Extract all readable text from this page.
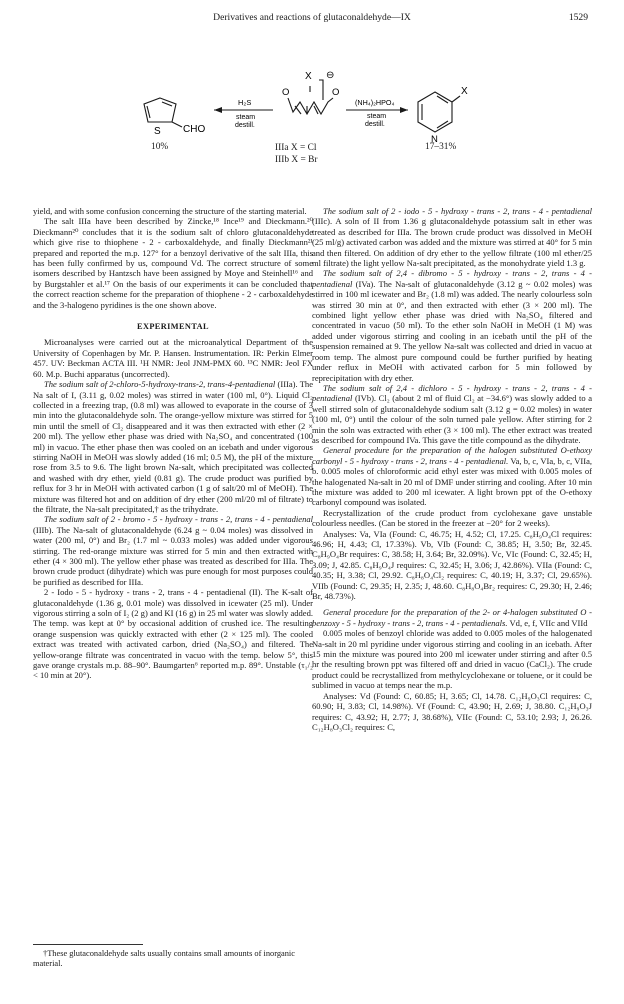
Derivatives and reactions of glutaconaldehyde—IX	1529
S CHO
H₂S
steam
destill.
X ⊖
O	O
(NH₄)₂HPO₄
steam
destill.
X
N
10%	IIIa X = Cl
IIIb X = Br
17–31%

yield, and with some confusion concerning the structure of the starting material.

The salt IIIa have been described by Zincke,¹⁸ Ince¹⁹ and Dieckmann.²⁰ Dieckmann²⁰ concludes that it is the sodium salt of chloro glutaconaldehyde which give rise to thiophene - 2 - carboxaldehyde, and finally Dieckmann²¹ prepared and reported the m.p. 127° for a benzoyl derivative of the salt IIIa, this has been fully confirmed by us, compound Vd. The correct structure of some isomers described by Hantzsch have been assigned by Moye and Steinhell¹⁶ and by Burgstahler et al.¹⁷ On the basis of our experiments it can be concluded that the correct reaction scheme for the preparation of thiophene - 2 - carboxaldehyde and the 3-halogeno pyridines is the one shown above.

EXPERIMENTAL

Microanalyses were carried out at the microanalytical Department of the University of Copenhagen by Mr. P. Hansen. Instrumentation. IR: Perkin Elmer 457. UV: Beckman ACTA III. ¹H NMR: Jeol JNM-PMX 60. ¹³C NMR: Jeol FX 60. M.p. Buchi apparatus (uncorrected).

The sodium salt of 2-chloro-5-hydroxy-trans-2, trans-4-pentadienal (IIIa). The Na salt of I, (3.11 g, 0.02 moles) was stirred in water (100 ml, 0°). Liquid Cl₂ collected in a freezing trap, (0.8 ml) was allowed to evaporate in the course of 3 min into the glutaconaldehyde soln. The orange-yellow mixture was stirred for 5 min until the smell of Cl₂ disappeared and it was then extracted with ether (2 × 200 ml). The yellow ether phase was dried with Na₂SO₄ and concentrated (100 ml) in vacuo. The ether phase then was cooled on an icebath and under vigorous stirring NaOH in MeOH was slowly added (16 ml; 0.5 M), the pH of the mixture rose from 3.5 to 9.6. The light brown Na-salt, which precipitated was collected and washed with dry ether, yield (0.81 g). The crude product was purified by reflux for 3 hr in MeOH with activated carbon (1 g of salt/20 ml of MeOH). The mixture was filtered hot and on addition of dry ether (200 ml/20 ml of filtrate) to the filtrate, the Na-salt precipitated,† as the trihydrate.

The sodium salt of 2 - bromo - 5 - hydroxy - trans - 2, trans - 4 - pentadienal (IIIb). The Na-salt of glutaconaldehyde (6.24 g ~ 0.04 moles) was dissolved in water (200 ml, 0°) and Br₂ (1.7 ml ~ 0.033 moles) was added under vigorous stirring. The red-orange mixture was stirred for 5 min and then extracted with ether (4 × 300 ml). The yellow ether phase was treated as described for IIIa. The brown crude product (dihydrate) which was pure enough for most purposes could be purified as described for IIIa.

2 - Iodo - 5 - hydroxy - trans - 2, trans - 4 - pentadienal (II). The K-salt of glutaconaldehyde (1.36 g, 0.01 mole) was dissolved in icewater (25 ml). Under vigorous stirring a soln of I₂ (2 g) and KI (16 g) in 25 ml water was slowly added. The temp. was kept at 0° by occasional addition of crushed ice. The resulting orange suspension was quickly extracted with ether (2 × 125 ml). The cooled extract was treated with activated carbon, dried (Na₂SO₄) and filtered. The yellow-orange filtrate was concentrated in vacuo with the temp. below 5°, this gave orange crystals m.p. 88–90°. Baumgarten⁶ reported m.p. 89°. Unstable (τ₁/₂ < 10 min at 20°).

†These glutaconaldehyde salts usually contains small amounts of inorganic material.

The sodium salt of 2 - iodo - 5 - hydroxy - trans - 2, trans - 4 - pentadienal (IIIc). A soln of II from 1.36 g glutaconaldehyde potassium salt in ether was treated as described for IIIa. The brown crude product was dissolved in MeOH (25 ml/g) activated carbon was added and the mixture was stirred at 40° for 5 min and then filtered. On addition of dry ether to the yellow filtrate (100 ml ether/25 ml filtrate) the light yellow Na-salt precipitated, as the monohydrate yield 1.3 g.

The sodium salt of 2,4 - dibromo - 5 - hydroxy - trans - 2, trans - 4 - pentadienal (IVa). The Na-salt of glutaconaldehyde (3.12 g ~ 0.02 moles) was stirred in 100 ml icewater and Br₂ (1.8 ml) was added. The nearly colourless soln was stirred 30 min at 0°, and then extracted with ether (3 × 200 ml). The combined light yellow ether phase was dried with Na₂SO₄ filtered and concentrated in vacuo (50 ml). To the ether soln NaOH in MeOH (1 M) was added under vigorous stirring and cooling in an icebath until the pH of the suspension remained at 9. The yellow Na-salt was collected and dried in vacuo at room temp. The almost pure compound could be further purified by heating under reflux in MeOH with activated carbon for 5 min followed by reprecipitation with dry ether.

The sodium salt of 2,4 - dichloro - 5 - hydroxy - trans - 2, trans - 4 - pentadienal (IVb). Cl₂ (about 2 ml of fluid Cl₂ at −34.6°) was slowly added to a well stirred soln of glutaconaldehyde sodium salt (3.12 g = 0.02 moles) in water (100 ml, 0°) until the colour of the soln turned pale yellow. After stirring for 2 min the soln was extracted with ether (3 × 100 ml). The ether extract was treated as described for compound IVa. This gave the title compound as the dihydrate.

General procedure for the preparation of the halogen substituted O-ethoxy carbonyl - 5 - hydroxy - trans - 2, trans - 4 - pentadienal. Va, b, c, VIa, b, c, VIIa, b. 0.005 moles of chloroformic acid ethyl ester was mixed with 0.005 moles of the halogenated Na-salt in 20 ml of DMF under stirring and cooling. After 10 min the mixture was added to 200 ml icewater. A light brown ppt of the O-ethoxy carbonyl compound was isolated.

Recrystallization of the crude product from cyclohexane gave unstable colourless needles. (Can be stored in the freezer at −20° for 2 weeks).

Analyses: Va, VIa (Found: C, 46.75; H, 4.52; Cl, 17.25. C₈H₉O₄Cl requires: 46.96; H, 4.43; Cl, 17.33%). Vb, VIb (Found: C, 38.85; H, 3.50; Br, 32.45. C₈H₉O₄Br requires: C, 38.58; H, 3.64; Br, 32.09%). Vc, VIc (Found: C, 32.45; H, 3.09; J, 42.85. C₈H₉O₄J requires: C, 32.45; H, 3.06; J, 42.86%). VIIa (Found: C, 40.35; H, 3.38; Cl, 29.92. C₈H₈O₄Cl₂ requires: C, 40.19; H, 3.37; Cl, 29.65%). VIIb (Found: C, 29.35; H, 2.35; J, 48.60. C₈H₈O₄Br₂ requires: C, 29.30; H, 2.46; Br, 48.73%).

General procedure for the preparation of the 2- or 4-halogen substituted O - benzoxy - 5 - hydroxy - trans - 2, trans - 4 - pentadienals. Vd, e, f, VIIc and VIId

0.005 moles of benzoyl chloride was added to 0.005 moles of the halogenated Na-salt in 20 ml pyridine under vigorous stirring and cooling in an icebath. After 15 min the mixture was poured into 200 ml icewater under stirring and after 0.5 hr the resulting brown ppt was filtered off and dried in vacuo (CaCl₂). The crude product could be recrystallized from methylcyclohexane or toluene, or it could be sublimed in vacuo at temps near the m.p.

Analyses: Vd (Found: C, 60.85; H, 3.65; Cl, 14.78. C₁₂H₉O₃Cl requires: C, 60.90; H, 3.83; Cl, 14.98%). Vf (Found: C, 43.90; H, 2.69; J, 38.80. C₁₂H₉O₃J requires: C, 43.92; H, 2.77; J, 38.68%), VIIc (Found: C, 53.10; 2.93; J, 26.26. C₁₂H₈O₃Cl₂ requires: C,
